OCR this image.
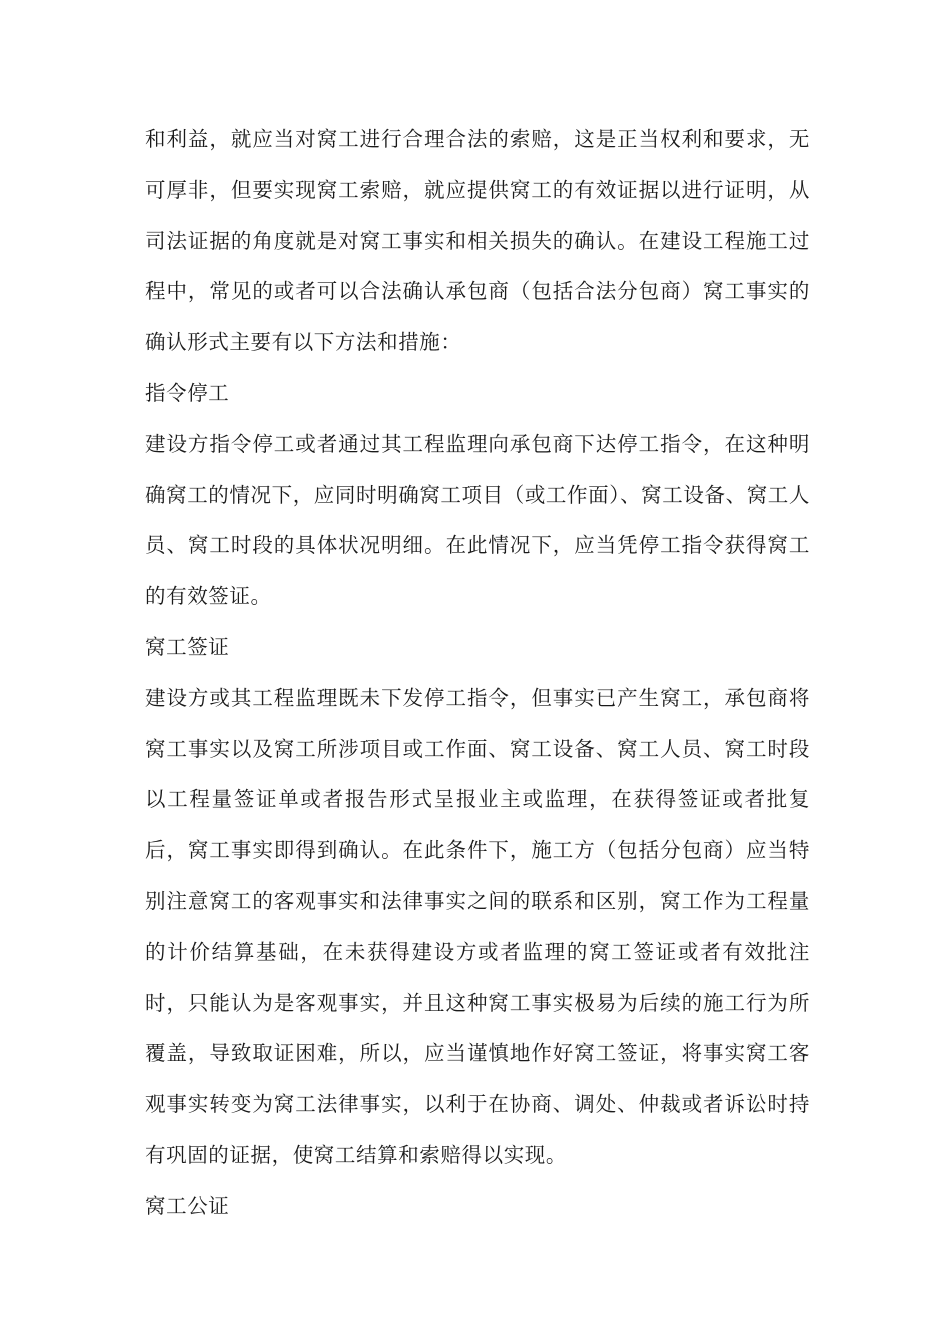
和利益，就应当对窝工进行合理合法的索赔，这是正当权利和要求，无可厚非，但要实现窝工索赔，就应提供窝工的有效证据以进行证明，从司法证据的角度就是对窝工事实和相关损失的确认。在建设工程施工过程中，常见的或者可以合法确认承包商（包括合法分包商）窝工事实的确认形式主要有以下方法和措施：

指令停工

建设方指令停工或者通过其工程监理向承包商下达停工指令，在这种明确窝工的情况下，应同时明确窝工项目（或工作面）、窝工设备、窝工人员、窝工时段的具体状况明细。在此情况下，应当凭停工指令获得窝工的有效签证。

窝工签证

建设方或其工程监理既未下发停工指令，但事实已产生窝工，承包商将窝工事实以及窝工所涉项目或工作面、窝工设备、窝工人员、窝工时段以工程量签证单或者报告形式呈报业主或监理，在获得签证或者批复后，窝工事实即得到确认。在此条件下，施工方（包括分包商）应当特别注意窝工的客观事实和法律事实之间的联系和区别，窝工作为工程量的计价结算基础，在未获得建设方或者监理的窝工签证或者有效批注时，只能认为是客观事实，并且这种窝工事实极易为后续的施工行为所覆盖，导致取证困难，所以，应当谨慎地作好窝工签证，将事实窝工客观事实转变为窝工法律事实，以利于在协商、调处、仲裁或者诉讼时持有巩固的证据，使窝工结算和索赔得以实现。

窝工公证
